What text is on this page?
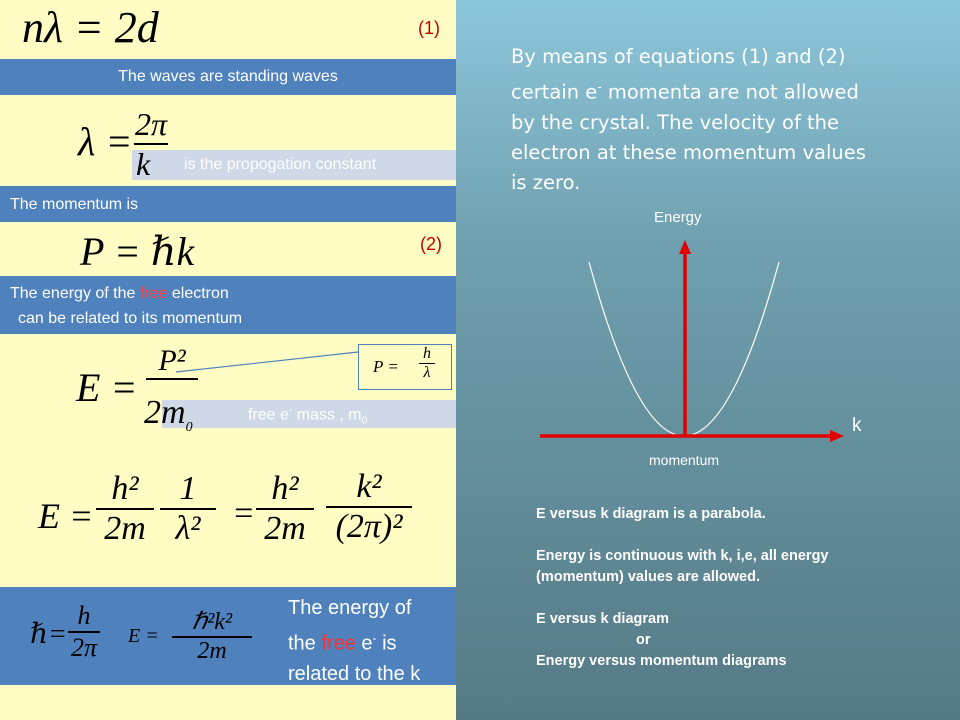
nλ = 2d	(1)
The waves are standing waves
λ = 2π
k is the propogation constant
The momentum is
P = ℏk	(2)
The energy of the free electron
can be related to its momentum
E =
P²
$2m_0$
free e- mass , $m_0$
P =
h
λ
E =
h²
2m
1
λ² =
h²
2m
k²
(2π)²
ℏ=
h
2π E =
ℏ²k²
2m
The energy of
the free e- is
related to the k
By means of equations (1) and (2)
certain e- momenta are not allowed
by the crystal. The velocity of the
electron at these momentum values
is zero.
Energy
k
momentum
E versus k diagram is a parabola.
Energy is continuous with k, i,e, all energy
(momentum) values are allowed.
E versus k diagram
or
Energy versus momentum diagrams
